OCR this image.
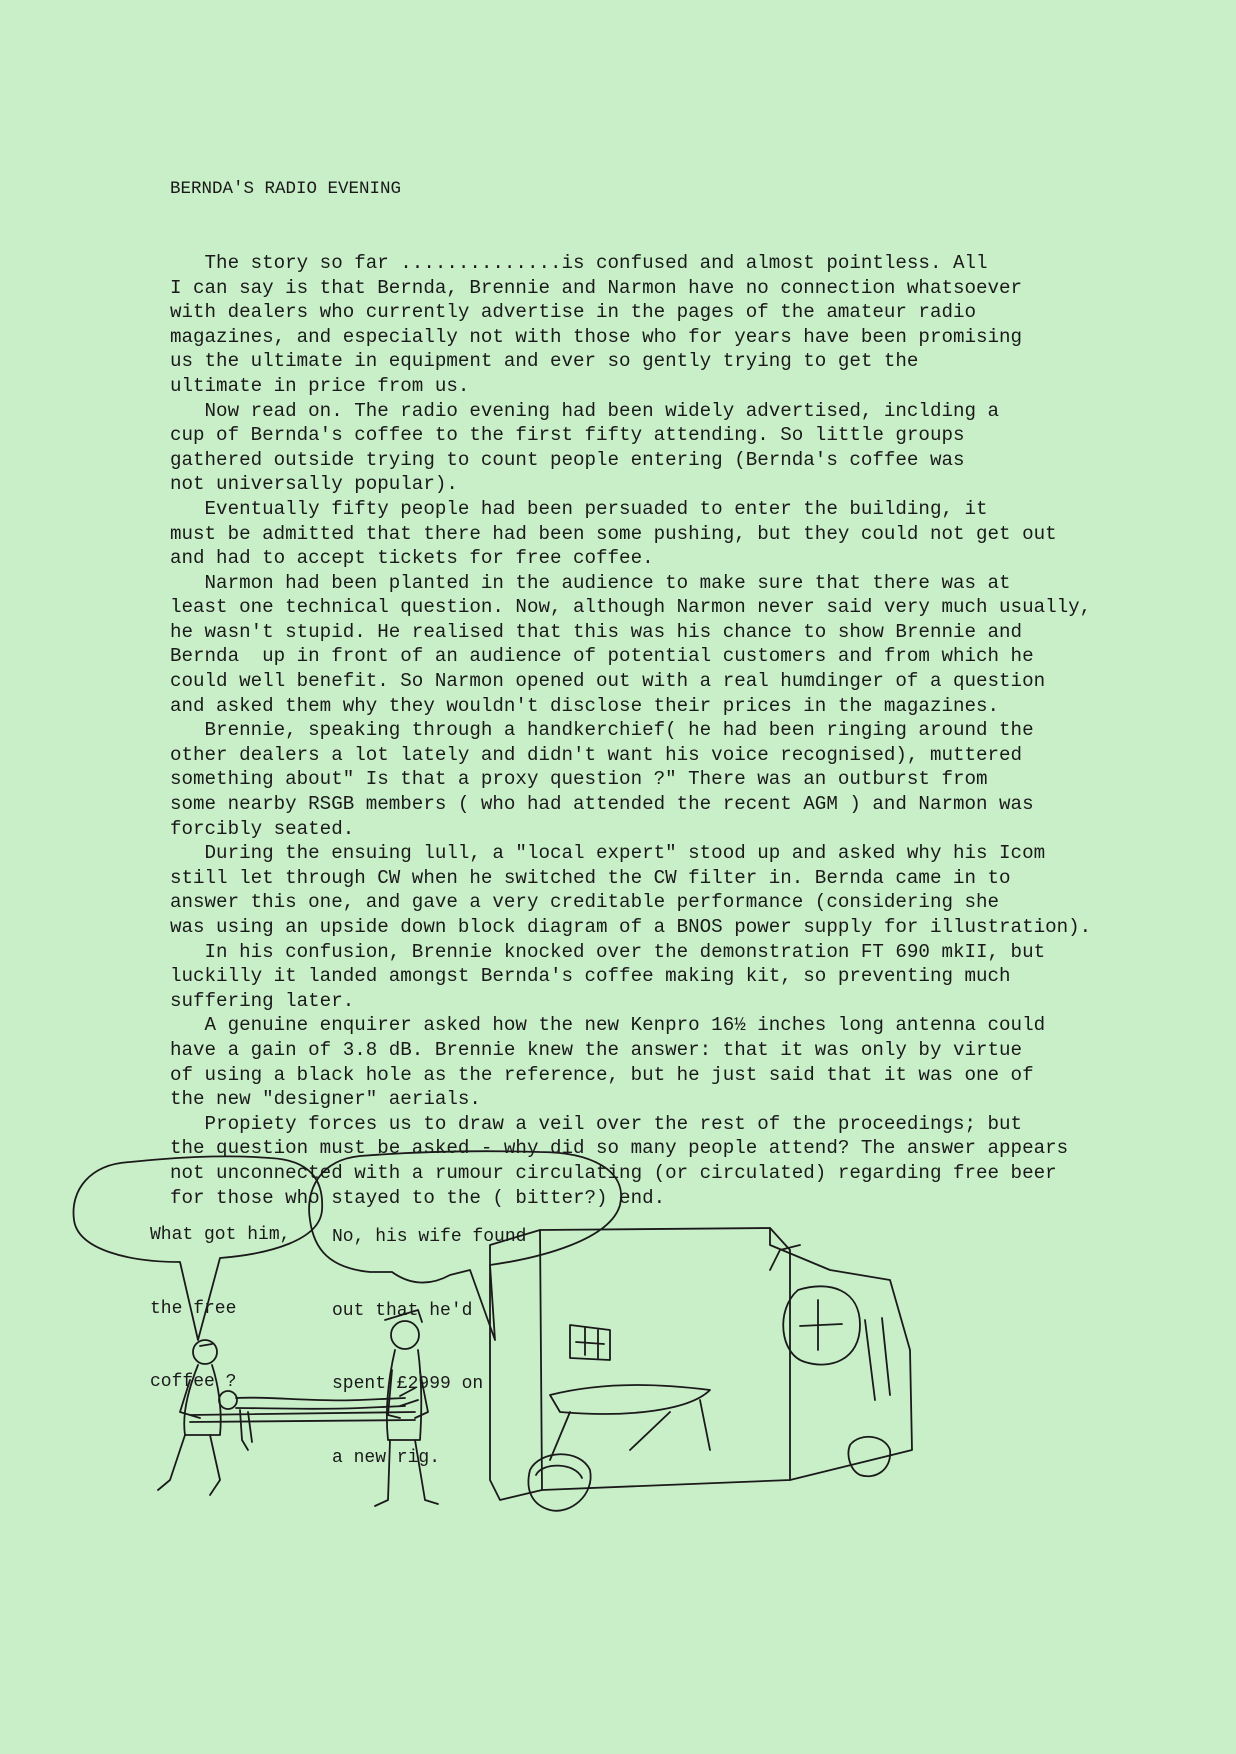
BERNDA'S RADIO EVENING

The story so far ..............is confused and almost pointless. All
I can say is that Bernda, Brennie and Narmon have no connection whatsoever
with dealers who currently advertise in the pages of the amateur radio
magazines, and especially not with those who for years have been promising
us the ultimate in equipment and ever so gently trying to get the
ultimate in price from us.
Now read on. The radio evening had been widely advertised, inclding a
cup of Bernda's coffee to the first fifty attending. So little groups
gathered outside trying to count people entering (Bernda's coffee was
not universally popular).
Eventually fifty people had been persuaded to enter the building, it
must be admitted that there had been some pushing, but they could not get out
and had to accept tickets for free coffee.
Narmon had been planted in the audience to make sure that there was at
least one technical question. Now, although Narmon never said very much usually,
he wasn't stupid. He realised that this was his chance to show Brennie and
Bernda  up in front of an audience of potential customers and from which he
could well benefit. So Narmon opened out with a real humdinger of a question
and asked them why they wouldn't disclose their prices in the magazines.
Brennie, speaking through a handkerchief( he had been ringing around the
other dealers a lot lately and didn't want his voice recognised), muttered
something about" Is that a proxy question ?" There was an outburst from
some nearby RSGB members ( who had attended the recent AGM ) and Narmon was
forcibly seated.
During the ensuing lull, a "local expert" stood up and asked why his Icom
still let through CW when he switched the CW filter in. Bernda came in to
answer this one, and gave a very creditable performance (considering she
was using an upside down block diagram of a BNOS power supply for illustration).
In his confusion, Brennie knocked over the demonstration FT 690 mkII, but
luckilly it landed amongst Bernda's coffee making kit, so preventing much
suffering later.
A genuine enquirer asked how the new Kenpro 16½ inches long antenna could
have a gain of 3.8 dB. Brennie knew the answer: that it was only by virtue
of using a black hole as the reference, but he just said that it was one of
the new "designer" aerials.
Propiety forces us to draw a veil over the rest of the proceedings; but
the question must be asked - why did so many people attend? The answer appears
not unconnected with a rumour circulating (or circulated) regarding free beer
for those who stayed to the ( bitter?) end.

What got him,

the free

coffee ?

No, his wife found

out that he'd

spent £2999 on

a new rig.
